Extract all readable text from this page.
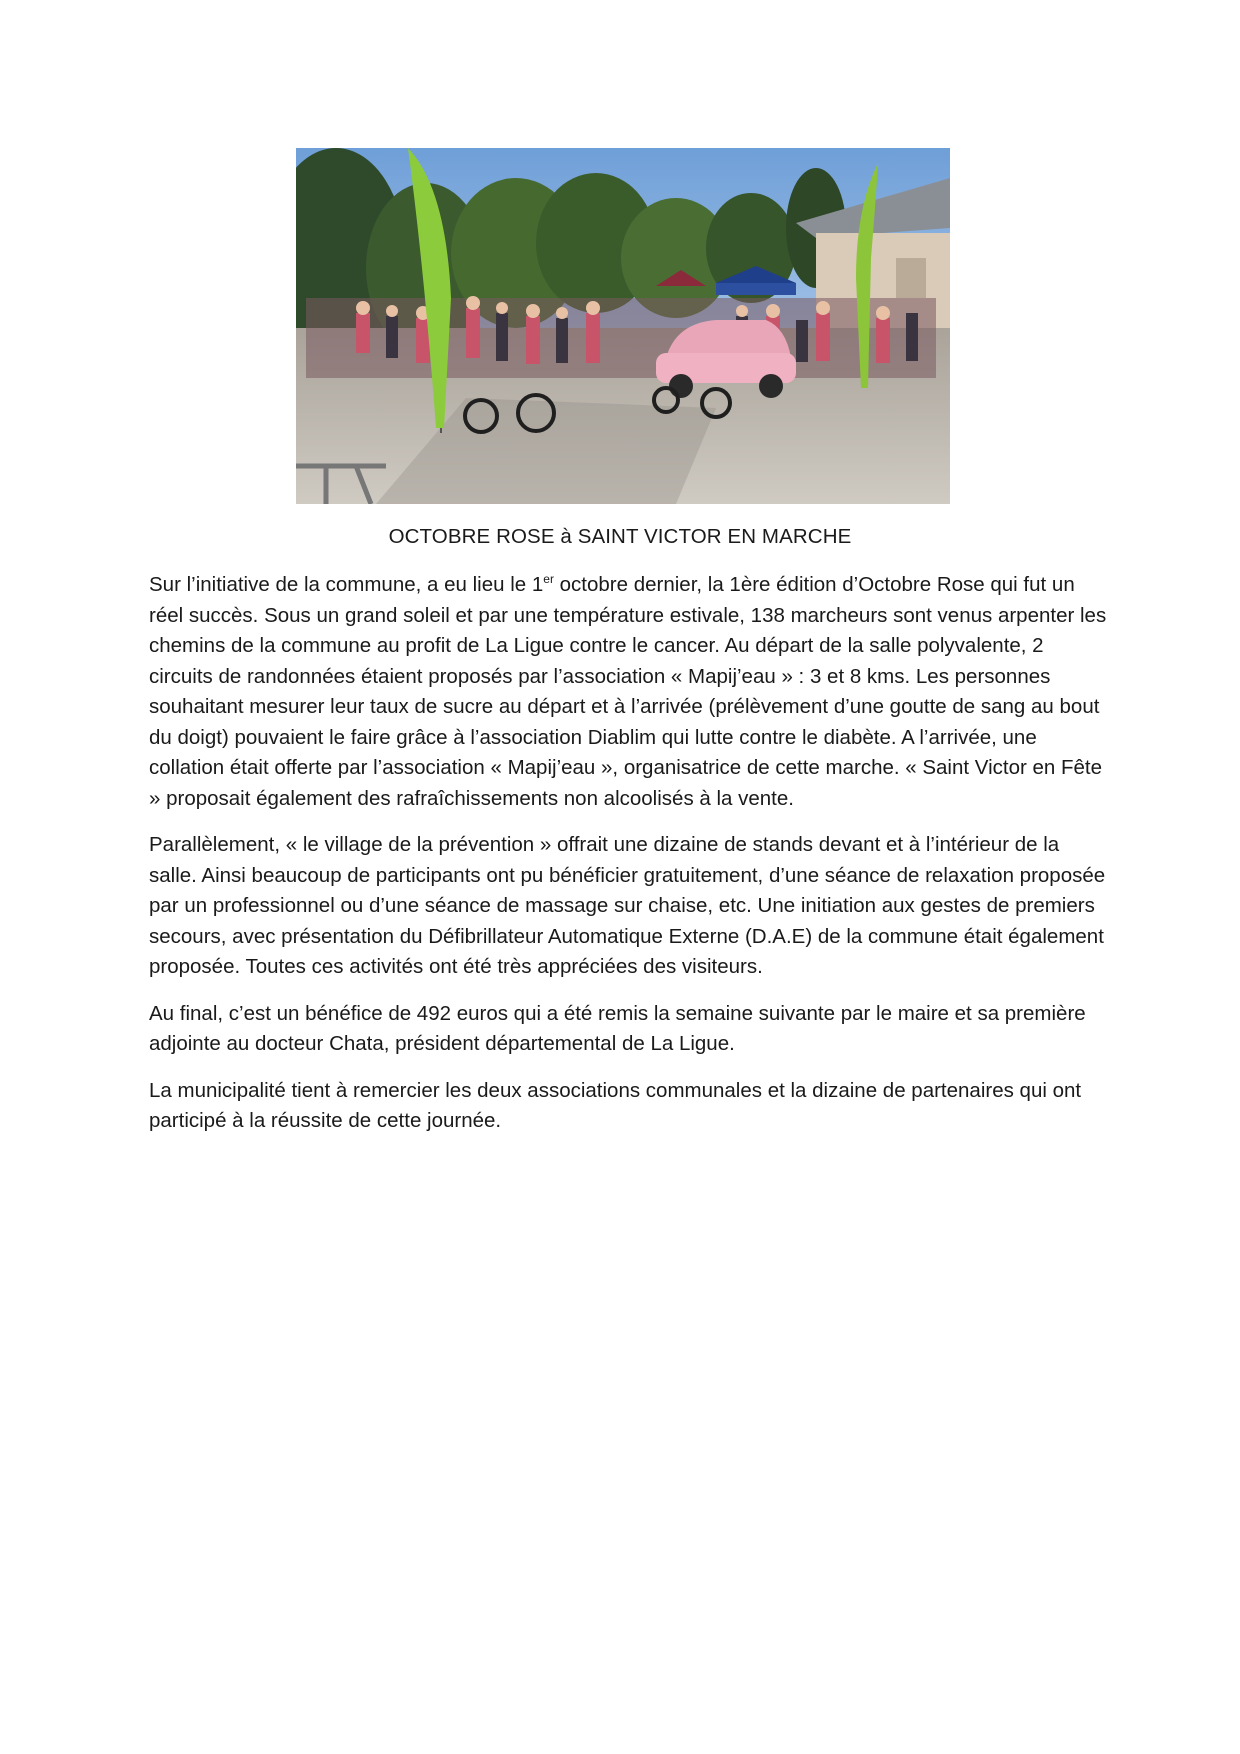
OCTOBRE ROSE à SAINT VICTOR EN MARCHE

Sur l’initiative de la commune, a eu lieu le 1er octobre dernier, la 1ère édition d’Octobre Rose qui fut un réel succès. Sous un grand soleil et par une température estivale, 138 marcheurs sont venus arpenter les chemins de la commune au profit de La Ligue contre le cancer. Au départ de la salle polyvalente, 2 circuits de randonnées étaient proposés par l’association « Mapij’eau » : 3 et 8 kms. Les personnes souhaitant mesurer leur taux de sucre au départ et à l’arrivée (prélèvement d’une goutte de sang au bout du doigt) pouvaient le faire grâce à l’association Diablim qui lutte contre le diabète. A l’arrivée, une collation était offerte par l’association « Mapij’eau », organisatrice de cette marche. « Saint Victor en Fête » proposait également des rafraîchissements non alcoolisés à la vente.

Parallèlement, « le village de la prévention » offrait une dizaine de stands devant et à l’intérieur de la salle. Ainsi beaucoup de participants ont pu bénéficier gratuitement, d’une séance de relaxation proposée par un professionnel ou d’une séance de massage sur chaise, etc. Une initiation aux gestes de premiers secours, avec présentation du Défibrillateur Automatique Externe (D.A.E) de la commune était également proposée. Toutes ces activités ont été très appréciées des visiteurs.

Au final, c’est un bénéfice de 492 euros qui a été remis la semaine suivante par le maire et sa première adjointe au docteur Chata, président départemental de La Ligue.

La municipalité tient à remercier les deux associations communales et la dizaine de partenaires qui ont participé à la réussite de cette journée.
